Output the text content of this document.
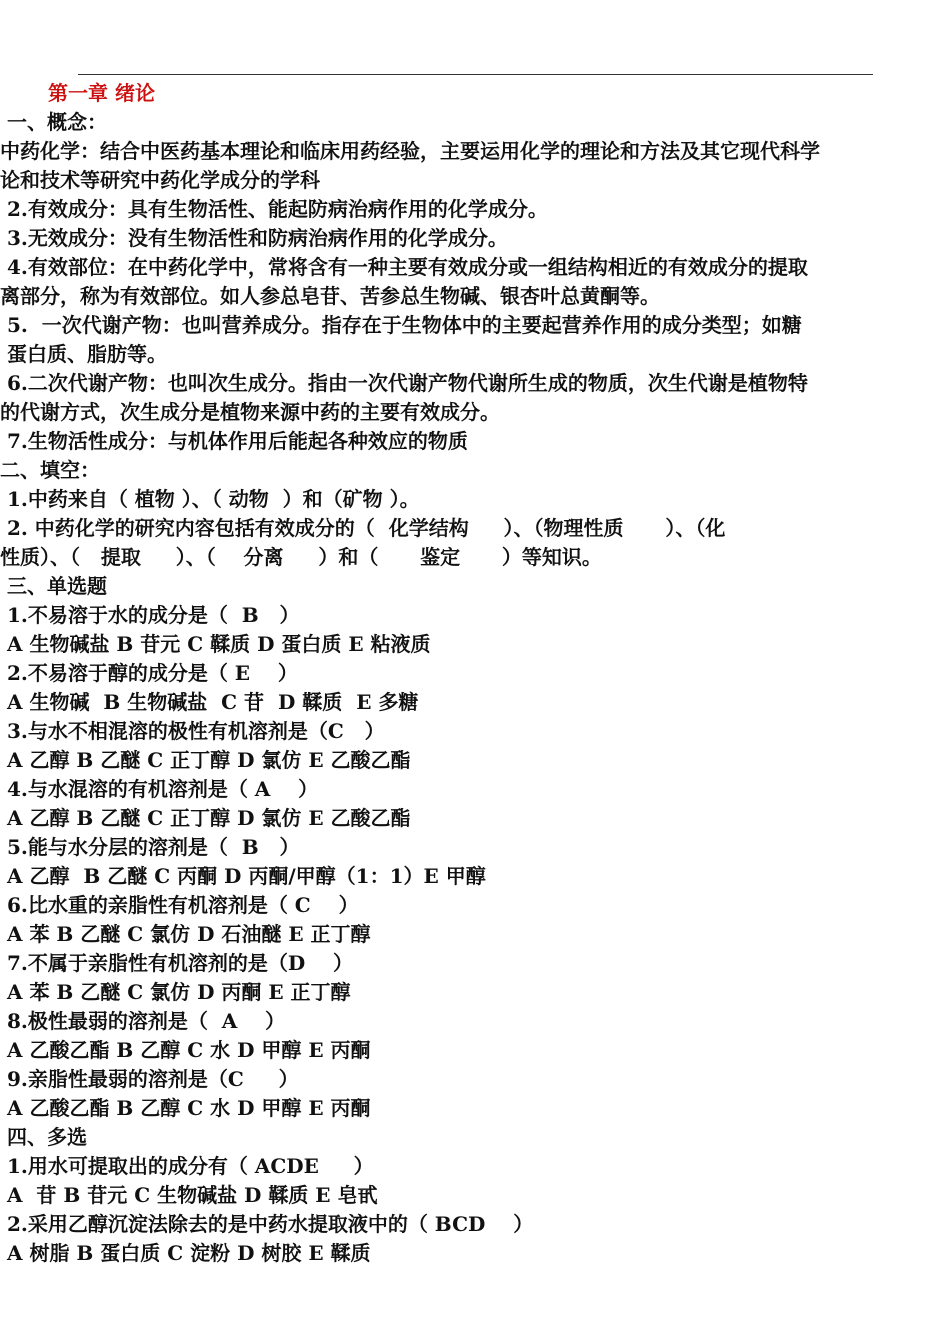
第一章 绪论
一、概念：
中药化学：结合中医药基本理论和临床用药经验，主要运用化学的理论和方法及其它现代科学
论和技术等研究中药化学成分的学科
2.有效成分：具有生物活性、能起防病治病作用的化学成分。
3.无效成分：没有生物活性和防病治病作用的化学成分。
4.有效部位：在中药化学中，常将含有一种主要有效成分或一组结构相近的有效成分的提取
离部分，称为有效部位。如人参总皂苷、苦参总生物碱、银杏叶总黄酮等。
5.  一次代谢产物：也叫营养成分。指存在于生物体中的主要起营养作用的成分类型；如糖
蛋白质、脂肪等。
6.二次代谢产物：也叫次生成分。指由一次代谢产物代谢所生成的物质，次生代谢是植物特
的代谢方式，次生成分是植物来源中药的主要有效成分。
7.生物活性成分：与机体作用后能起各种效应的物质
二、填空：
1.中药来自（ 植物 ）、（ 动物  ）和（矿物 ）。
2. 中药化学的研究内容包括有效成分的（  化学结构     ）、（物理性质      ）、（化
性质）、（   提取     ）、（    分离     ）和（      鉴定      ）等知识。
三、单选题
1.不易溶于水的成分是（  B   ）
A 生物碱盐 B 苷元 C 鞣质 D 蛋白质 E 粘液质
2.不易溶于醇的成分是（ E    ）
A 生物碱  B 生物碱盐  C 苷  D 鞣质  E 多糖
3.与水不相混溶的极性有机溶剂是（C   ）
A 乙醇 B 乙醚 C 正丁醇 D 氯仿 E 乙酸乙酯
4.与水混溶的有机溶剂是（ A    ）
A 乙醇 B 乙醚 C 正丁醇 D 氯仿 E 乙酸乙酯
5.能与水分层的溶剂是（  B   ）
A 乙醇  B 乙醚 C 丙酮 D 丙酮/甲醇（1：1）E 甲醇
6.比水重的亲脂性有机溶剂是（ C    ）
A 苯 B 乙醚 C 氯仿 D 石油醚 E 正丁醇
7.不属于亲脂性有机溶剂的是（D    ）
A 苯 B 乙醚 C 氯仿 D 丙酮 E 正丁醇
8.极性最弱的溶剂是（  A    ）
A 乙酸乙酯 B 乙醇 C 水 D 甲醇 E 丙酮
9.亲脂性最弱的溶剂是（C     ）
A 乙酸乙酯 B 乙醇 C 水 D 甲醇 E 丙酮
四、多选
1.用水可提取出的成分有（ ACDE     ）
A  苷 B 苷元 C 生物碱盐 D 鞣质 E 皂甙
2.采用乙醇沉淀法除去的是中药水提取液中的（ BCD    ）
A 树脂 B 蛋白质 C 淀粉 D 树胶 E 鞣质
